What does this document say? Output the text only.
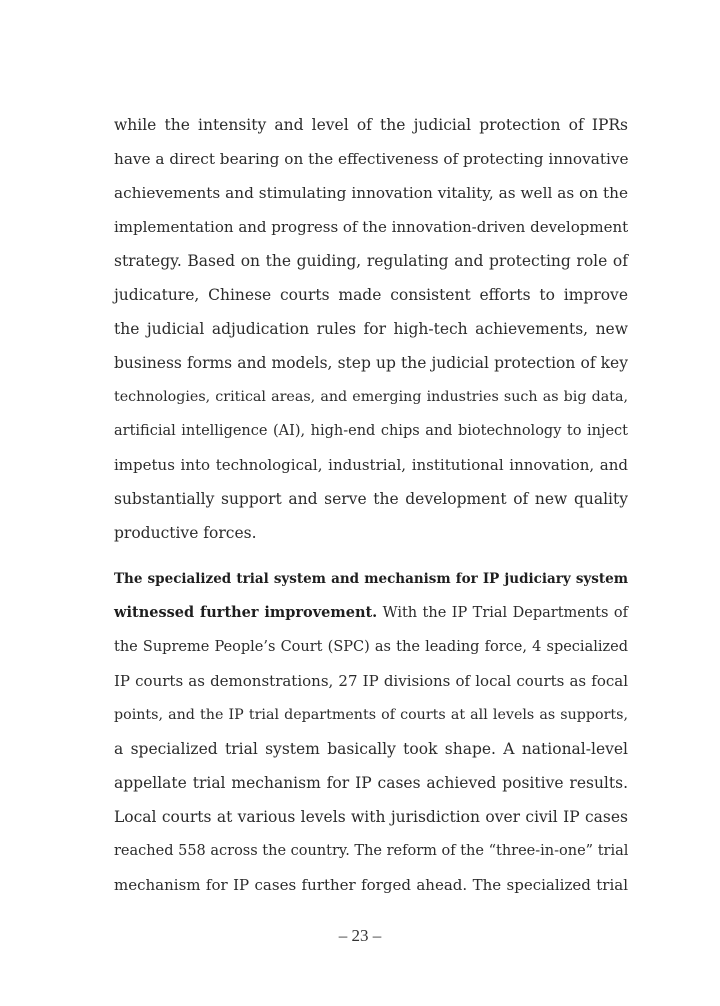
while the intensity and level of the judicial protection of IPRs
have a direct bearing on the effectiveness of protecting innovative
achievements and stimulating innovation vitality, as well as on the
implementation and progress of the innovation-driven development
strategy. Based on the guiding, regulating and protecting role of
judicature, Chinese courts made consistent efforts to improve
the judicial adjudication rules for high-tech achievements, new
business forms and models, step up the judicial protection of key
technologies, critical areas, and emerging industries such as big data,
artificial intelligence (AI), high-end chips and biotechnology to inject
impetus into technological, industrial, institutional innovation, and
substantially support and serve the development of new quality
productive forces.
The specialized trial system and mechanism for IP judiciary system
witnessed further improvement. With the IP Trial Departments of
the Supreme People’s Court (SPC) as the leading force, 4 specialized
IP courts as demonstrations, 27 IP divisions of local courts as focal
points, and the IP trial departments of courts at all levels as supports,
a specialized trial system basically took shape. A national-level
appellate trial mechanism for IP cases achieved positive results.
Local courts at various levels with jurisdiction over civil IP cases
reached 558 across the country. The reform of the “three-in-one” trial
mechanism for IP cases further forged ahead. The specialized trial
– 23 –
